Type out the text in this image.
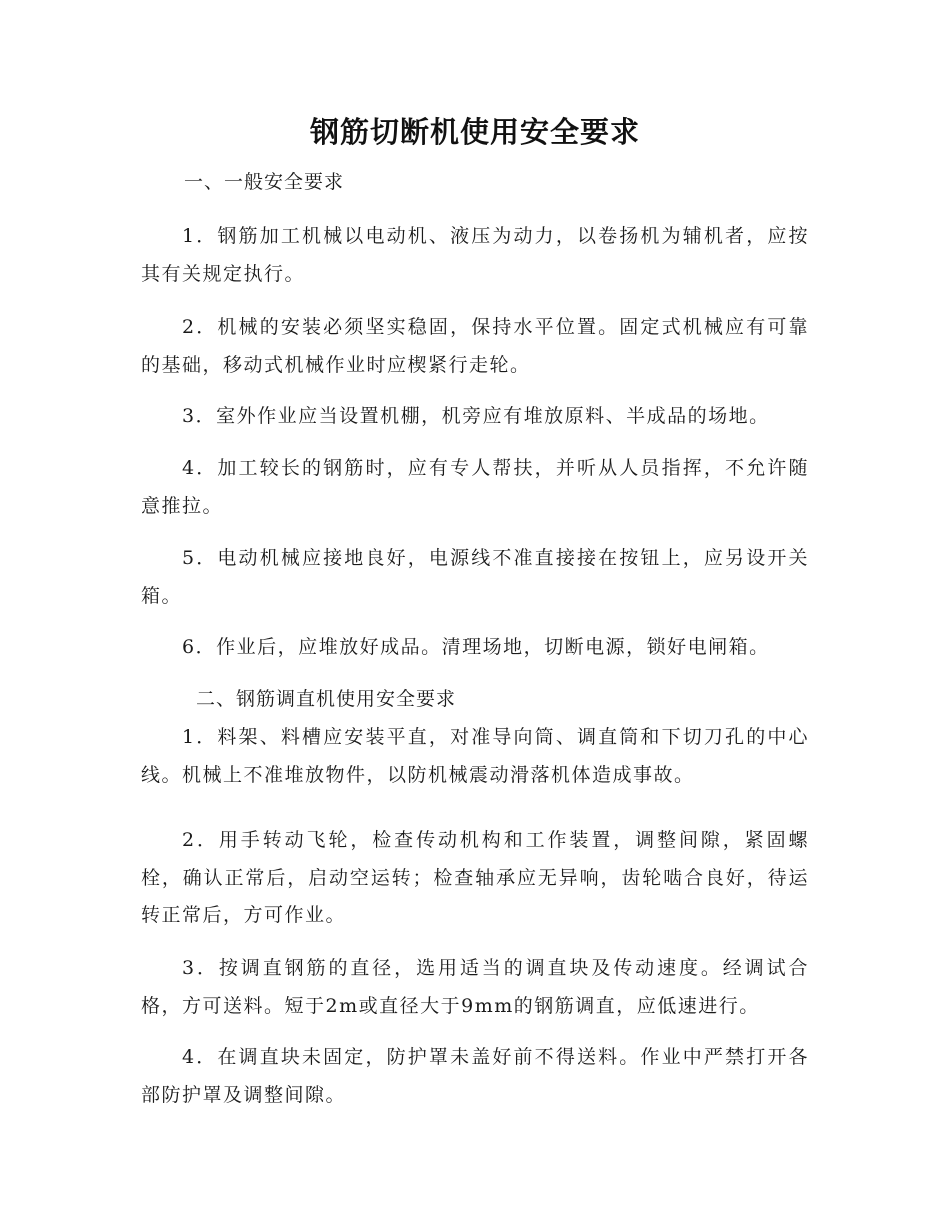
钢筋切断机使用安全要求
一、一般安全要求
1．钢筋加工机械以电动机、液压为动力，以卷扬机为辅机者，应按其有关规定执行。
2．机械的安装必须坚实稳固，保持水平位置。固定式机械应有可靠的基础，移动式机械作业时应楔紧行走轮。
3．室外作业应当设置机棚，机旁应有堆放原料、半成品的场地。
4．加工较长的钢筋时，应有专人帮扶，并听从人员指挥，不允许随意推拉。
5．电动机械应接地良好，电源线不准直接接在按钮上，应另设开关箱。
6．作业后，应堆放好成品。清理场地，切断电源，锁好电闸箱。
二、钢筋调直机使用安全要求
1．料架、料槽应安装平直，对准导向筒、调直筒和下切刀孔的中心线。机械上不准堆放物件，以防机械震动滑落机体造成事故。
2．用手转动飞轮，检查传动机构和工作装置，调整间隙，紧固螺栓，确认正常后，启动空运转；检查轴承应无异响，齿轮啮合良好，待运转正常后，方可作业。
3．按调直钢筋的直径，选用适当的调直块及传动速度。经调试合格，方可送料。短于2m或直径大于9mm的钢筋调直，应低速进行。
4．在调直块未固定，防护罩未盖好前不得送料。作业中严禁打开各部防护罩及调整间隙。
